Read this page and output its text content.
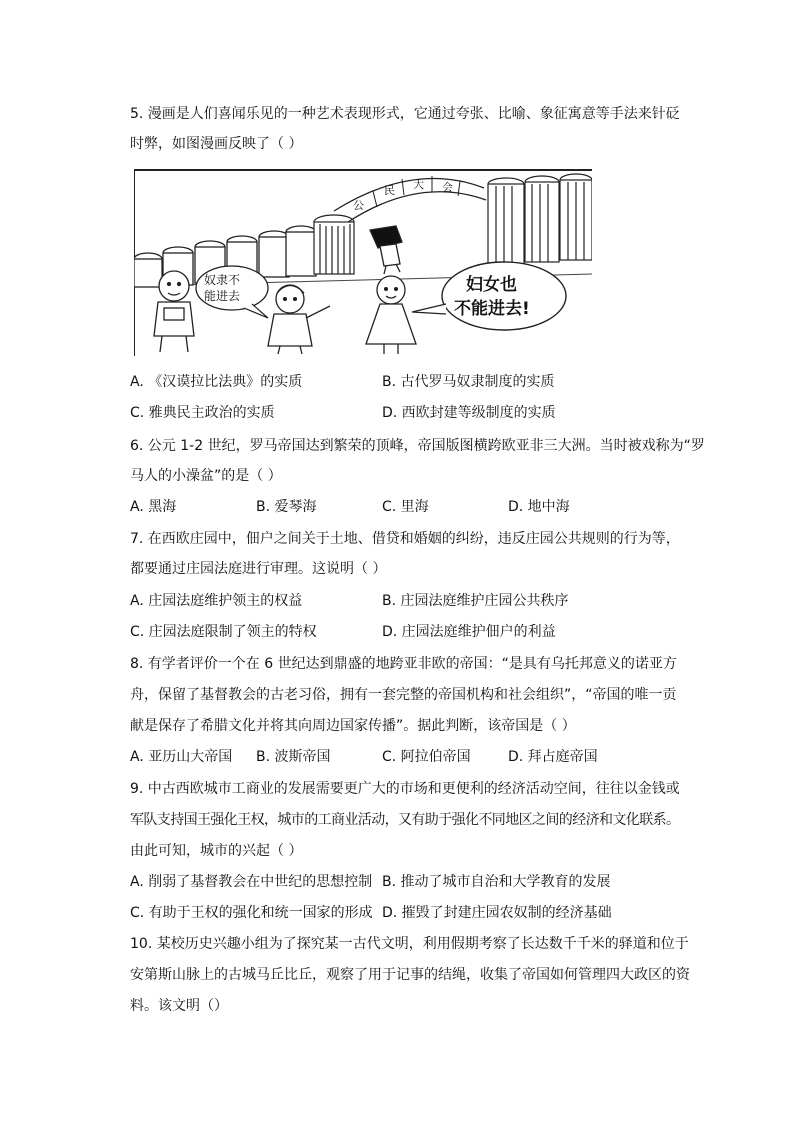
5. 漫画是人们喜闻乐见的一种艺术表现形式，它通过夸张、比喻、象征寓意等手法来针砭
时弊，如图漫画反映了（ ）
公
民 大 会
奴隶不
能进去
妇女也
不能进去!
A. 《汉谟拉比法典》的实质	B. 古代罗马奴隶制度的实质
C. 雅典民主政治的实质	D. 西欧封建等级制度的实质
6. 公元 1-2 世纪，罗马帝国达到繁荣的顶峰，帝国版图横跨欧亚非三大洲。当时被戏称为“罗
马人的小澡盆”的是（ ）
A. 黑海	B. 爱琴海	C. 里海	D. 地中海
7. 在西欧庄园中，佃户之间关于土地、借贷和婚姻的纠纷，违反庄园公共规则的行为等，
都要通过庄园法庭进行审理。这说明（ ）
A. 庄园法庭维护领主的权益	B. 庄园法庭维护庄园公共秩序
C. 庄园法庭限制了领主的特权	D. 庄园法庭维护佃户的利益
8. 有学者评价一个在 6 世纪达到鼎盛的地跨亚非欧的帝国：“是具有乌托邦意义的诺亚方
舟，保留了基督教会的古老习俗，拥有一套完整的帝国机构和社会组织”，“帝国的唯一贡
献是保存了希腊文化并将其向周边国家传播”。据此判断，该帝国是（ ）
A. 亚历山大帝国 B. 波斯帝国	C. 阿拉伯帝国	D. 拜占庭帝国
9. 中古西欧城市工商业的发展需要更广大的市场和更便利的经济活动空间，往往以金钱或
军队支持国王强化王权，城市的工商业活动，又有助于强化不同地区之间的经济和文化联系。
由此可知，城市的兴起（ ）
A. 削弱了基督教会在中世纪的思想控制 B. 推动了城市自治和大学教育的发展
C. 有助于王权的强化和统一国家的形成 D. 摧毁了封建庄园农奴制的经济基础
10. 某校历史兴趣小组为了探究某一古代文明，利用假期考察了长达数千千米的驿道和位于
安第斯山脉上的古城马丘比丘，观察了用于记事的结绳，收集了帝国如何管理四大政区的资
料。该文明（）
